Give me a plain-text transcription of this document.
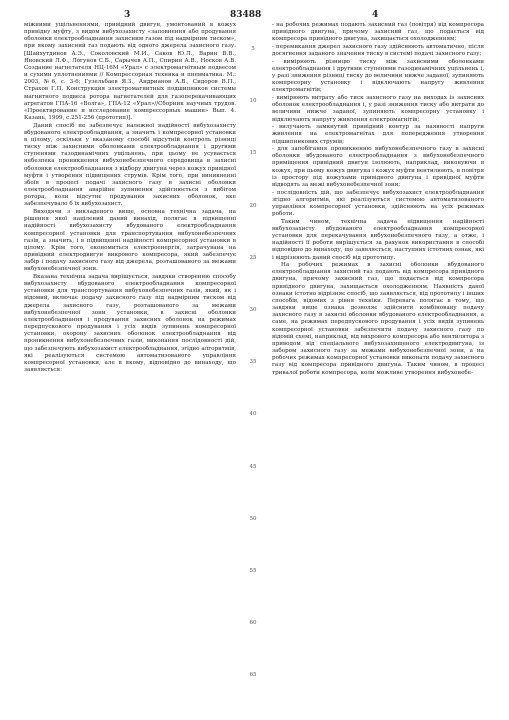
3	83488	4

міжними ущільненнями, привідний двигун, умонтований в кожух привідну муфту, з видом вибухозахисту «заповнення або продування оболонки електрообладнання захисним газом під надмірним тиском», при якому захисний газ подають від одного джерела захисного газу. [Шайхутдинов А.Э., Соколовский М.И., Саков Ю.Л., Варин В.В., Яновский Л.Ф., Логунов С.Б., Сарычев А.П., Спирин А.В., Носков А.В. Создание нагнетателя НЦ-16М «Урал» с электромагнітным подвесом и сухими уплотнениями // Компрессорная техника и пневматика. М.: 2003, №6, с. 3-6; Гузельбаев Я.З., Андрианов А.В., Сидоров В.П., Страхов Г.П. Конструкция электромагнитных подшипников системы магнитного подвеса ротора нагнетателей для газоперекачивающих агрегатов ГПА-16 «Волга», ГПА-12 «Урал»//Сборник научных трудов. «Проектирование и исследование компрессорных машин» Вып. 4. Казань, 1999, с.251-256 (прототип)].

Даний спосіб не забезпечує належної надійності вибухозахисту вбудованого електрообладнання, а значить і компресорної установки в цілому, оскільки у вказаному способі відсутній контроль різниці тиску між захисними оболонками електрообладнання і другими ступенями газодинамічних ущільнень, при цьому не усувається небезпека проникнення вибухонебезпечного середовища в захисні оболонки електрообладнання з відбору двигуна через кожух привідної муфти і утворення підвищених струмів. Крім того, при виникненні збоїв в процесі подачі захисного газу в захисні оболонки електрообладнання аварійне зупинення здійснюється з вибігом ротора, коли відсутнє продування захисних оболонок, яке забезпечувало б їх вибухозахист.

Виходячи з викладеного вище, основна технічна задача, на рішення якої націлений даний винахід, полягає в підвищенні надійності вибухозахисту вбудованого електрообладнання компресорної установки для транспортування вибухонебезпечних газів, а значить, і в підвищенні надійності компресорної установки в цілому. Крім того, економиться електроенергія, затрачувана на привідний електродвигун викрового компресора, який забезпечує забір і подачу захисного газу від джерела, розташованого за межами вибухонебезпечної зони.

Вказана технічна задача вирішується, завдяки створенню способу вибухозахисту вбудованого електрообладнання компресорної установки для транспортування вибухонебезпечних газів, який, як і відомий, включає подачу захисного газу під надмірним тиском від джерела захисного газу, розташованого за межами вибухонебезпечної зони установки, в захисні оболонки електрообладнання і продування захисних оболонок на режимах передпускового продування і усіх видів зупинень компресорної установки, охорону захисних оболонок електрообладнання від проникнення вибухонебезпечних газів, виконання послідовності дій, що забезпечують вибухозахист електрообладнання, згідно алгоритмів, які реалізуються системою автоматизованого управління компресорної установки, але в якому, відповідно до винаходу, що заявляється:

5
10
15
20
25
30
35
40
45
50
55
60
65

- на робочих режимах подають захисний газ (повітря) від компресора привідного двигуна, причому захисний газ, що подається від компресора привідного двигуна, захищається охолодженням;

- перемикання джерел захисного газу здійснюють автоматично, після досягнення заданого значення тиску в системі подачі захисного газу;

- вимірюють різницю тиску між захисними оболонками електрообладнання і другими ступенями газодинамічних ущільнень і, у разі зниження різниці тиску до величини нижче заданої, зупиняють компресорну установку і відключають напругу живлення електромагнітів;

- вимірюють витрату або тиск захисного газу на виходах із захисних оболонок електрообладнання і, у разі зниження тиску або витрати до величини нижче заданої, зупиняють компресорну установку і відключають напругу живлення електромагнітів;

- вилучають замкнутий привідний контур за наявності напруги живлення на електромагнітах для попередження утворення підшипникових струмів;

- для запобігання проникненню вибухонебезпечного газу в захисні оболонки вбудованого електрообладнання з вибухонебезпечного приміщення привідний двигун ізолюють, наприклад, виконуючи в кожух, при цьому кожух двигуна і кожух муфти вентилюють, в повітря із простору під кожухами привідного двигуна і привідної муфти відводять за межі вибухонебезпечної зони;

- послідовність дій, що забезпечує вибухозахист електрообладнання згідно алгоритмів, які реалізуються системою автоматизованого управління компресорної установки, здійснюють на усіх режимах роботи.

Таким чином, технічна задача підвищення надійності вибухозахисту вбудованого електрообладнання компресорної установки для перекачування вибухонебезпечного газу, а отже, і надійності її роботи вирішується за рахунок використання в способі відповідно до винаходу, що заявляється, наступних істотних ознак, які і відрізняють даний спосіб від прототипу.

На робочих режимах в захисні оболонки вбудованого електрообладнання захисний газ подають від компресора привідного двигуна, причому захисний газ, що подається від компресора привідного двигуна, захищається охолодженням. Наявність даної ознаки істотно відрізняє спосіб, що заявляється, від прототипу і інших способів, відомих з рівня техніки. Перевага полягає в тому, що завдяки вище ознака дозволяє здійснити комбіновану подачу захисного газу в захисні оболонки вбудованого електрообладнання, а саме, на режимах передпускового продування і усіх видів зупинень компресорної установки забезпечити подачу захисного газу по відомій схемі, наприклад, від вихрового компресора або вентилятора з приводом від спеціального вибухозахищеного електродвигуна, із забором захисного газу за межами вибухонебезпечної зони, а на робочих режимах компресорної установки виконати подачу захисного газу від компресора привідного двигуна. Таким чином, в процесі тривалої роботи компресора, коли можливе утворення вибухонебе-
